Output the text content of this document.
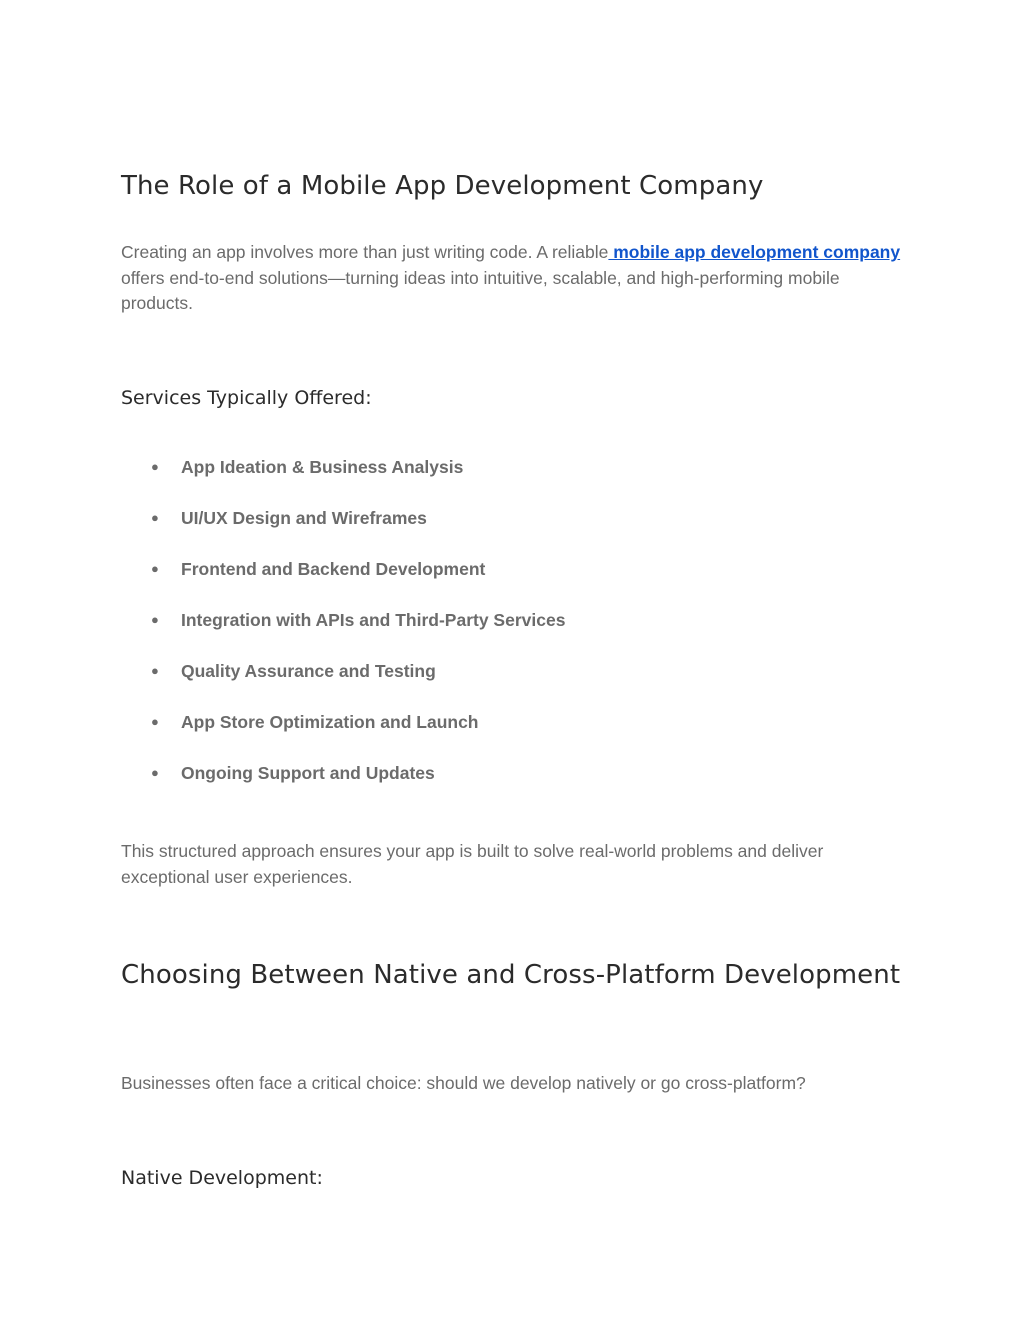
The Role of a Mobile App Development Company

Creating an app involves more than just writing code. A reliable mobile app development company offers end-to-end solutions—turning ideas into intuitive, scalable, and high-performing mobile products.

Services Typically Offered:
● App Ideation & Business Analysis
● UI/UX Design and Wireframes
● Frontend and Backend Development
● Integration with APIs and Third-Party Services
● Quality Assurance and Testing
● App Store Optimization and Launch
● Ongoing Support and Updates

This structured approach ensures your app is built to solve real-world problems and deliver exceptional user experiences.

Choosing Between Native and Cross-Platform Development

Businesses often face a critical choice: should we develop natively or go cross-platform?

Native Development:
